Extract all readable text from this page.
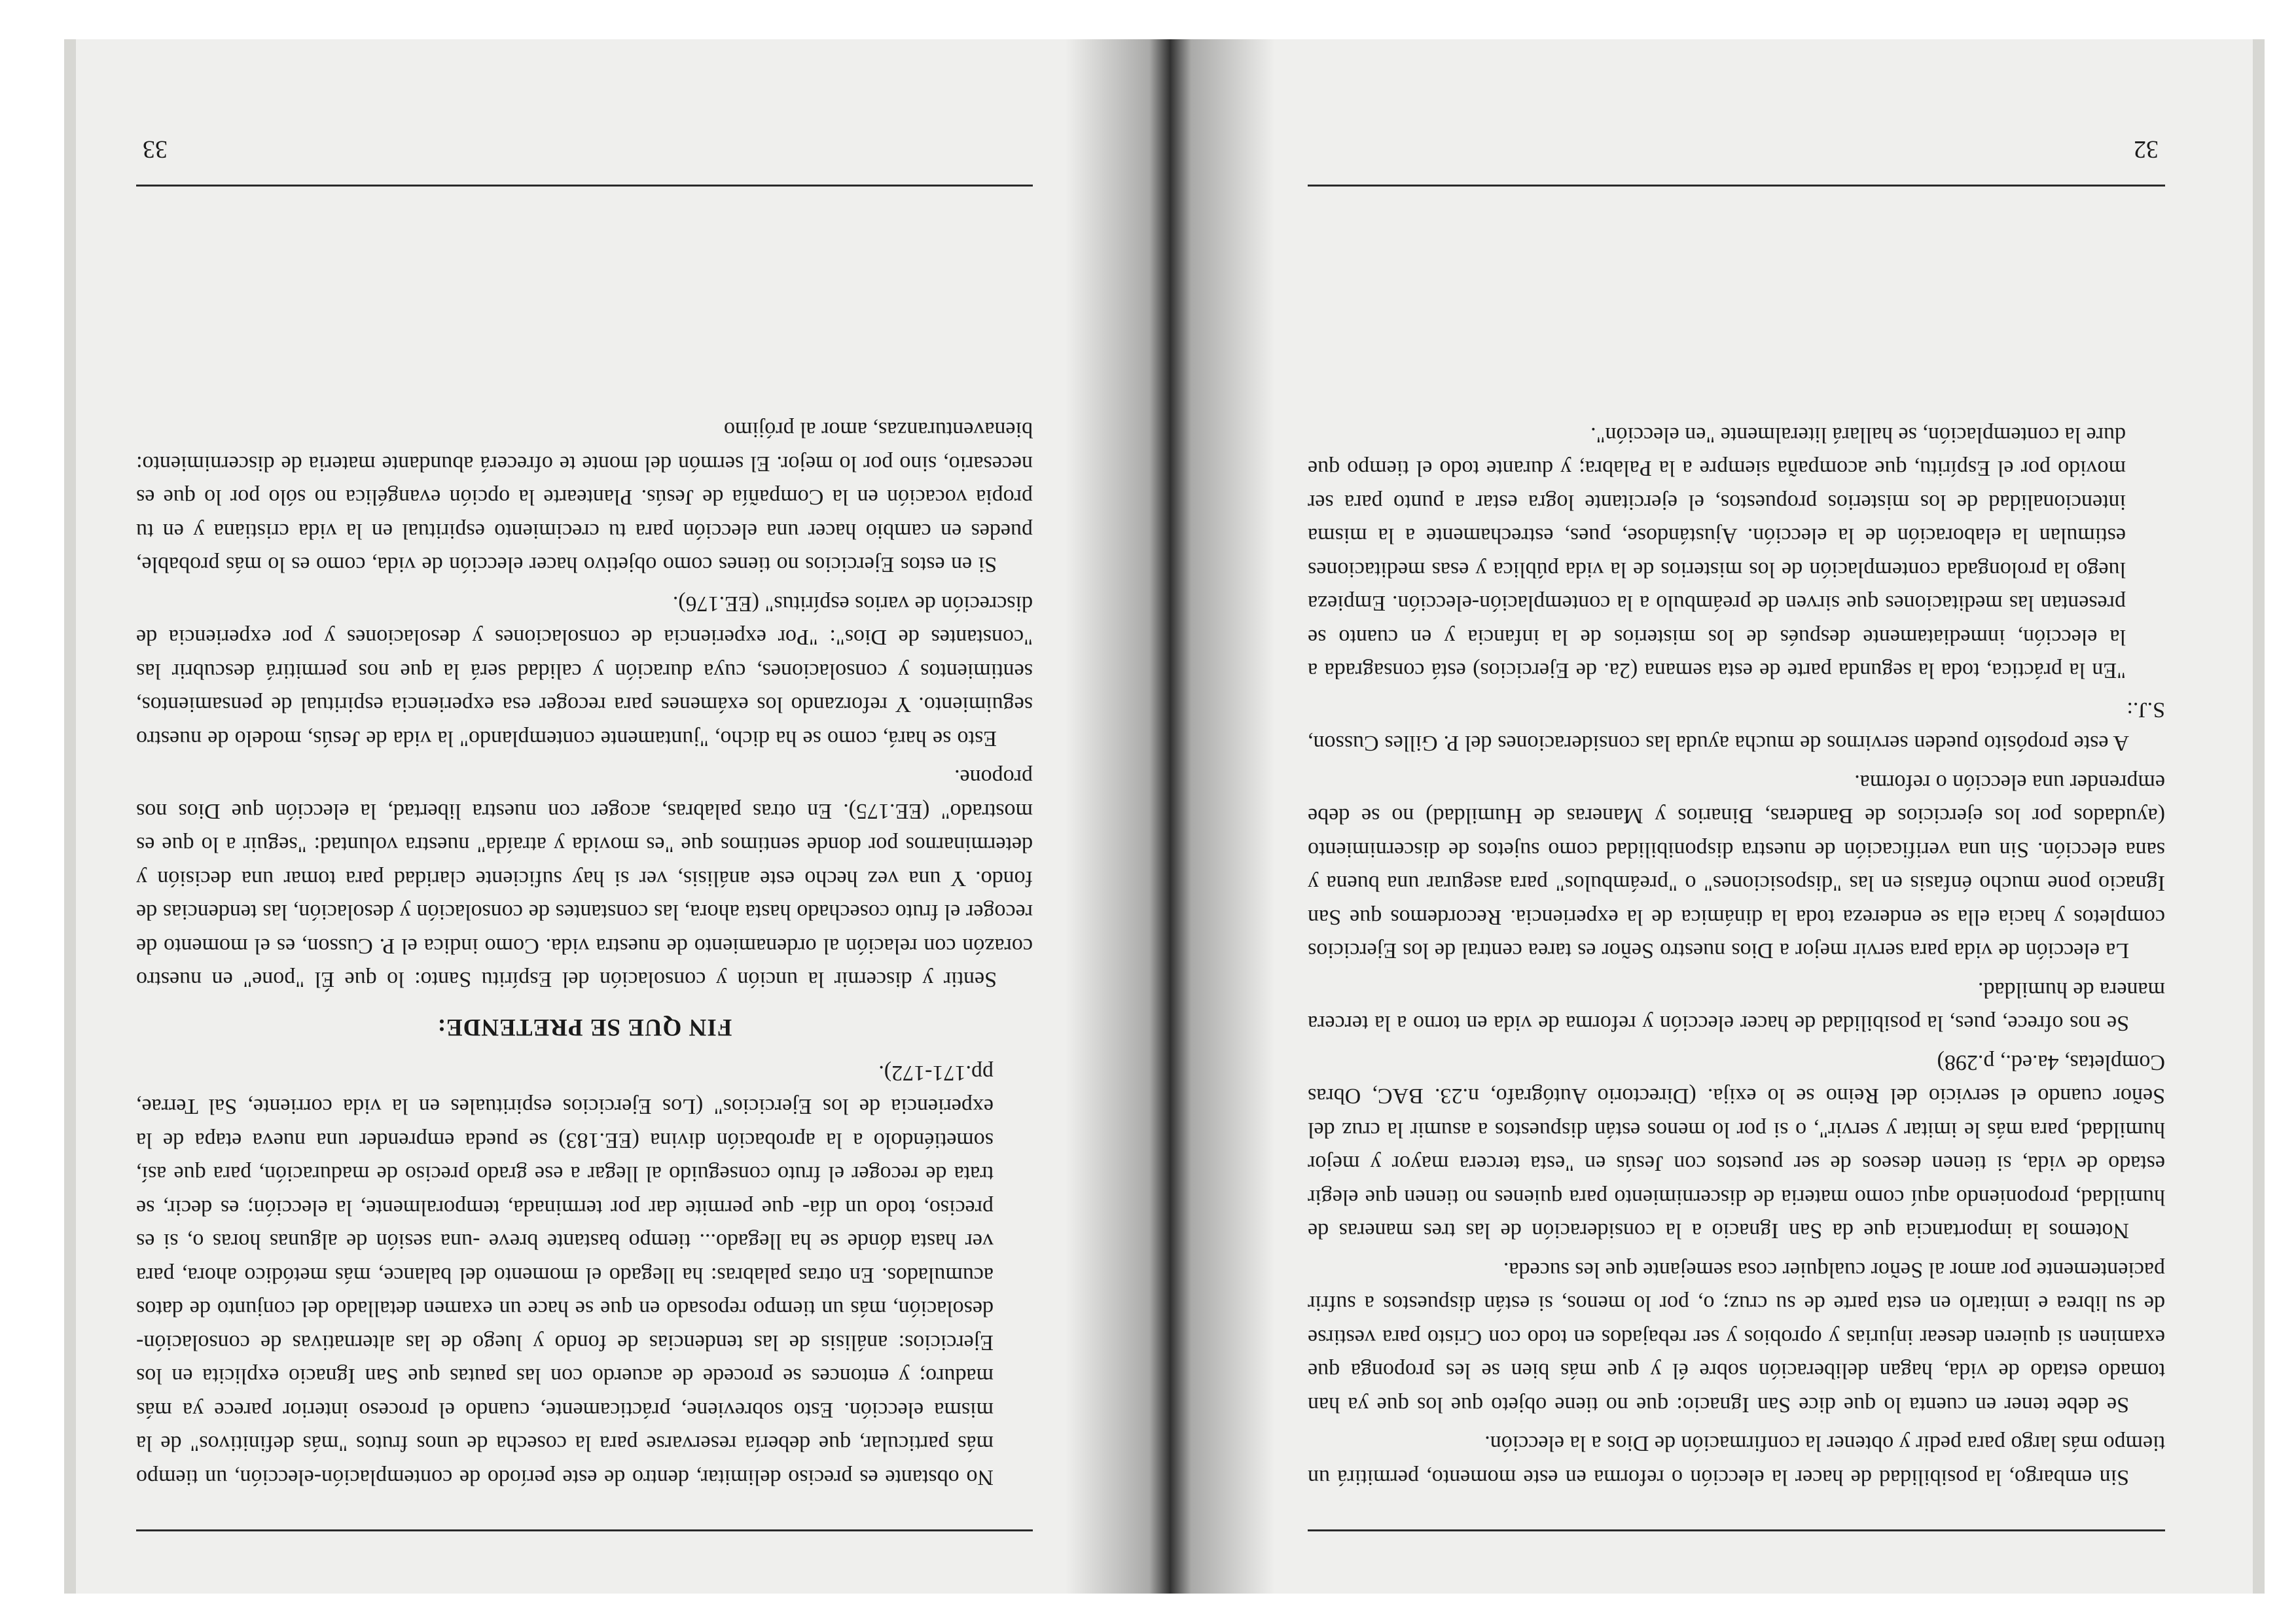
Sin embargo, la posibilidad de hacer la elección o reforma en este momento, permitirá un tiempo más largo para pedir y obtener la confirmación de Dios a la elección.

Se debe tener en cuenta lo que dice San Ignacio: que no tiene objeto que los que ya han tomado estado de vida, hagan deliberación sobre él y que más bien se les proponga que examinen si quieren desear injurias y oprobios y ser rebajados en todo con Cristo para vestirse de su librea e imitarlo en esta parte de su cruz; o, por lo menos, si están dispuestos a sufrir pacientemente por amor al Señor cualquier cosa semejante que les suceda.

Notemos la importancia que da San Ignacio a la consideración de las tres maneras de humildad, proponiendo aquí como materia de discernimiento para quienes no tienen que elegir estado de vida, si tienen deseos de ser puestos con Jesús en "esta tercera mayor y mejor humildad, para más le imitar y servir", o si por lo menos están dispuestos a asumir la cruz del Señor cuando el servicio del Reino se lo exija. (Directorio Autógrafo, n.23. BAC, Obras Completas, 4a.ed., p.298)

Se nos ofrece, pues, la posibilidad de hacer elección y reforma de vida en torno a la tercera manera de humildad.

La elección de vida para servir mejor a Dios nuestro Señor es tarea central de los Ejercicios completos y hacia ella se endereza toda la dinámica de la experiencia. Recordemos que San Ignacio pone mucho énfasis en las "disposiciones" o "preámbulos" para asegurar una buena y sana elección. Sin una verificación de nuestra disponibilidad como sujetos de discernimiento (ayudados por los ejercicios de Banderas, Binarios y Maneras de Humildad) no se debe emprender una elección o reforma.

A este propósito pueden servirnos de mucha ayuda las consideraciones del P. Gilles Cusson, S.J.:

"En la práctica, toda la segunda parte de esta semana (2a. de Ejercicios) está consagrada a la elección, inmediatamente después de los misterios de la infancia y en cuanto se presentan las meditaciones que sirven de preámbulo a la contemplación-elección. Empieza luego la prolongada contemplación de los misterios de la vida pública y esas meditaciones estimulan la elaboración de la elección. Ajustándose, pues, estrechamente a la misma intencionalidad de los misterios propuestos, el ejercitante logra estar a punto para ser movido por el Espíritu, que acompaña siempre a la Palabra; y durante todo el tiempo que dure la contemplación, se hallará literalmente "en elección".

32

No obstante es preciso delimitar, dentro de este período de contemplación-elección, un tiempo más particular, que debería reservarse para la cosecha de unos frutos "más definitivos" de la misma elección. Esto sobreviene, prácticamente, cuando el proceso interior parece ya más maduro; y entonces se procede de acuerdo con las pautas que San Ignacio explicita en los Ejercicios: análisis de las tendencias de fondo y luego de las alternativas de consolación-desolación, más un tiempo reposado en que se hace un examen detallado del conjunto de datos acumulados. En otras palabras: ha llegado el momento del balance, más metódico ahora, para ver hasta dónde se ha llegado... tiempo bastante breve -una sesión de algunas horas o, si es preciso, todo un día- que permite dar por terminada, temporalmente, la elección; es decir, se trata de recoger el fruto conseguido al llegar a ese grado preciso de maduración, para que así, sometiéndolo a la aprobación divina (EE.183) se pueda emprender una nueva etapa de la experiencia de los Ejercicios" (Los Ejercicios espirituales en la vida corriente, Sal Terrae, pp.171-172).

FIN QUE SE PRETENDE:

Sentir y discernir la unción y consolación del Espíritu Santo: lo que Él "pone" en nuestro corazón con relación al ordenamiento de nuestra vida. Como indica el P. Cusson, es el momento de recoger el fruto cosechado hasta ahora, las constantes de consolación y desolación, las tendencias de fondo. Y una vez hecho este análisis, ver si hay suficiente claridad para tomar una decisión y determinarnos por donde sentimos que "es movida y atraída" nuestra voluntad: "seguir a lo que es mostrado" (EE.175). En otras palabras, acoger con nuestra libertad, la elección que Dios nos propone.

Esto se hará, como se ha dicho, "juntamente contemplando" la vida de Jesús, modelo de nuestro seguimiento. Y reforzando los exámenes para recoger esa experiencia espiritual de pensamientos, sentimientos y consolaciones, cuya duración y calidad será la que nos permitirá descubrir las "constantes de Dios": "Por experiencia de consolaciones y desolaciones y por experiencia de discreción de varios espíritus" (EE.176).

Si en estos Ejercicios no tienes como objetivo hacer elección de vida, como es lo más probable, puedes en cambio hacer una elección para tu crecimiento espiritual en la vida cristiana y en tu propia vocación en la Compañía de Jesús. Plantearte la opción evangélica no sólo por lo que es necesario, sino por lo mejor. El sermón del monte te ofrecerá abundante materia de discernimiento: bienaventuranzas, amor al prójimo

33
